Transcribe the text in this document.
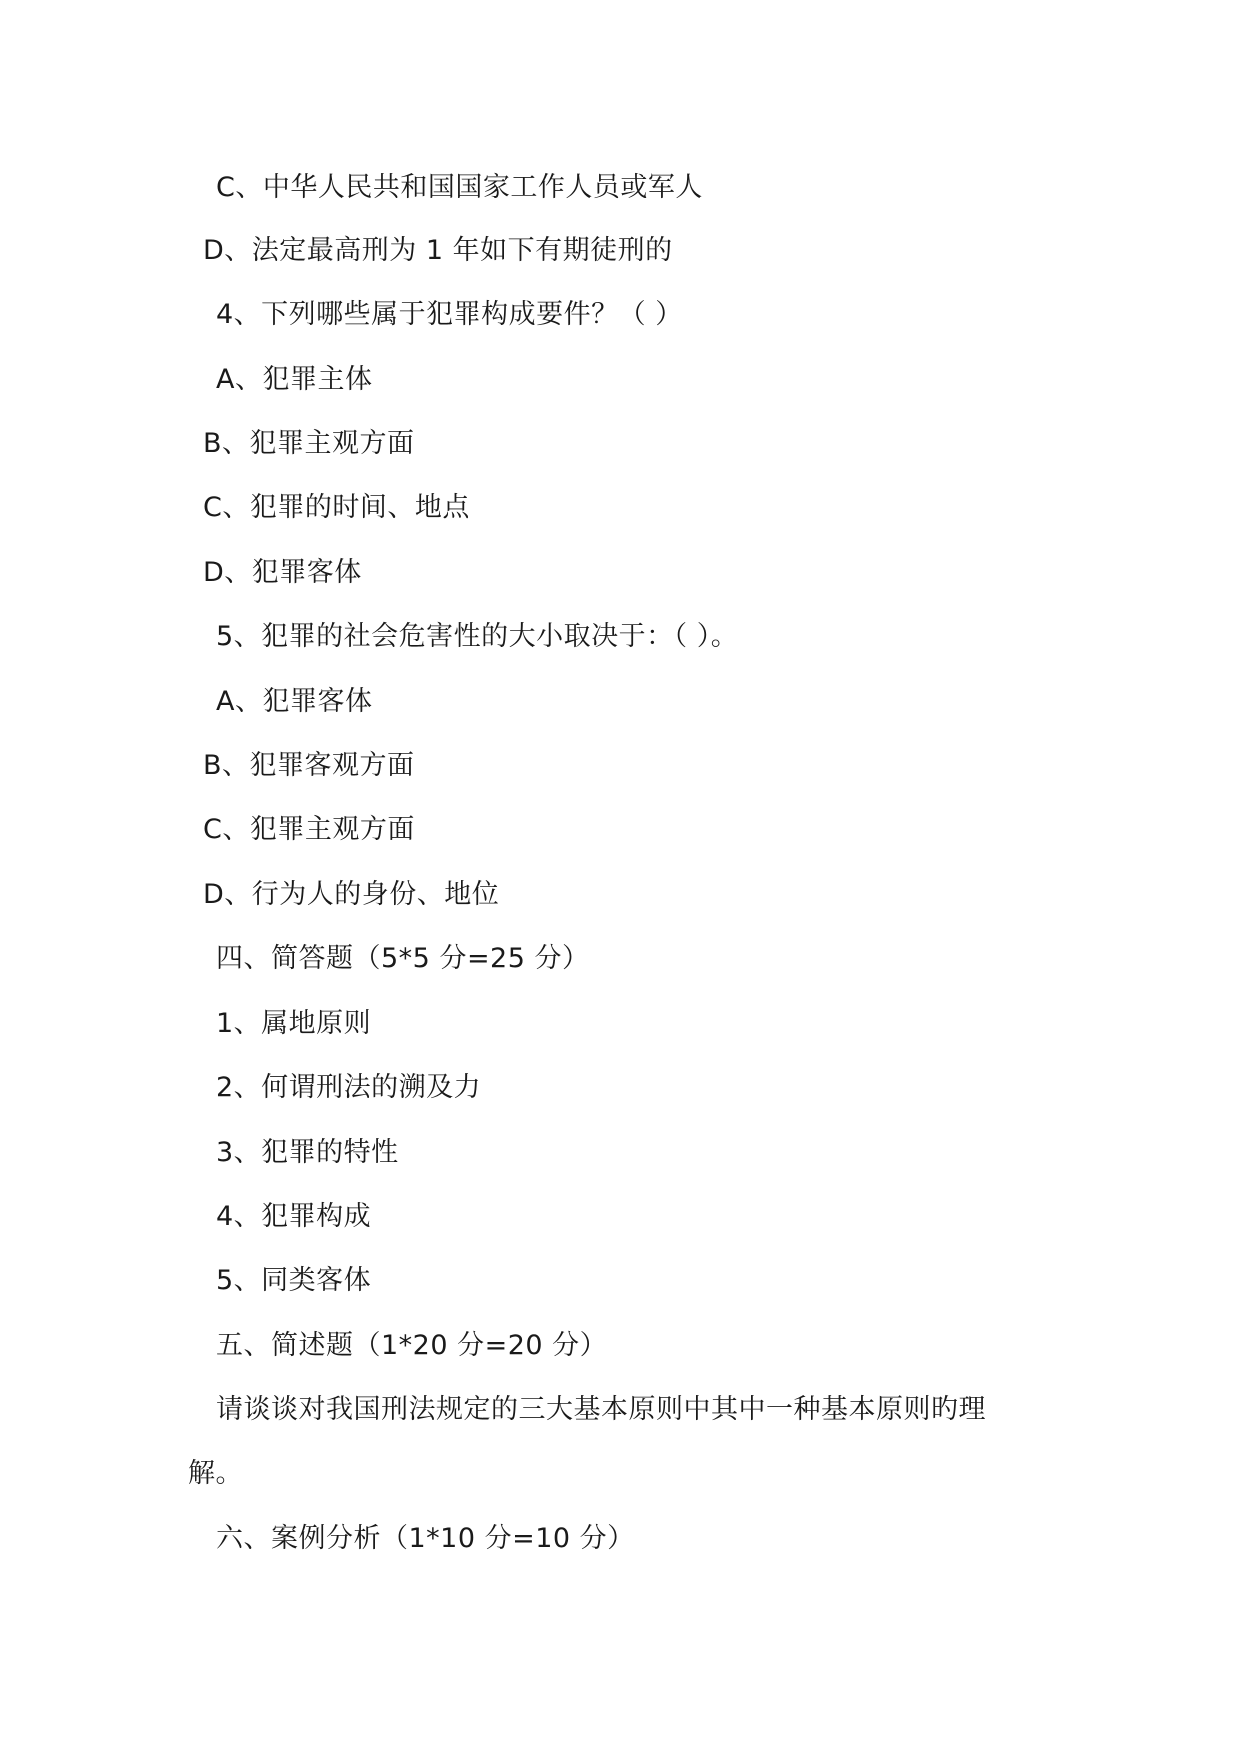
C、中华人民共和国国家工作人员或军人
D、法定最高刑为 1 年如下有期徒刑的
4、下列哪些属于犯罪构成要件？（ ）
A、犯罪主体
B、犯罪主观方面
C、犯罪的时间、地点
D、犯罪客体
5、犯罪的社会危害性的大小取决于：（ ）。
A、犯罪客体
B、犯罪客观方面
C、犯罪主观方面
D、行为人的身份、地位
四、简答题（5*5 分=25 分）
1、属地原则
2、何谓刑法的溯及力
3、犯罪的特性
4、犯罪构成
5、同类客体
五、简述题（1*20 分=20 分）
请谈谈对我国刑法规定的三大基本原则中其中一种基本原则旳理
解。
六、案例分析（1*10 分=10 分）
